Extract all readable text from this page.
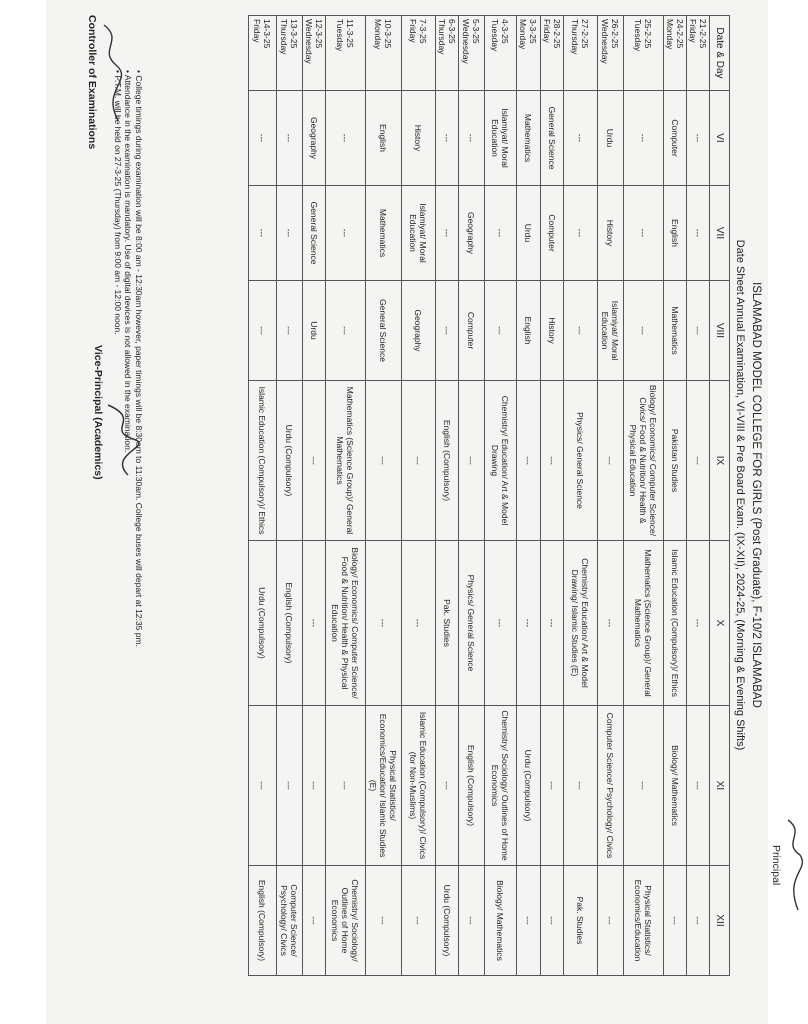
ISLAMABAD MODEL COLLEGE FOR GIRLS (Post Graduate), F-10/2 ISLAMABAD
Date Sheet Annual Examination, VI-VIII & Pre Board Exam. (IX-XII), 2024-25, (Morning & Evening Shifts)
Date & Day	VI	VII	VIII	IX	X	XI	XII

21-2-25
Friday	---	---	---	---	---	---	---

24-2-25
Monday	Computer	English	Mathematics	Pakistan Studies	Islamic Education (Compulsory)/ Ethics	Biology/ Mathematics	---

25-2-25
Tuesday	---	---	---	Biology/ Economics/ Computer Science/ Civics/ Food & Nutrition/ Health & Physical Education	Mathematics (Science Group)/ General Mathematics	---	Physical Statistics/ Economics/Education

26-2-25
Wednesday	Urdu	History	Islamiyat/ Moral Education	---	---	Computer Science/ Psychology/ Civics	---

27-2-25
Thursday	---	---	---	Physics/ General Science	Chemistry/ Education/ Art & Model Drawing/ Islamic Studies (E)	---	Pak. Studies

28-2-25
Friday	General Science	Computer	History	---	---	---	---

3-3-25
Monday	Mathematics	Urdu	English	---	---	Urdu (Compulsory)	---

4-3-25
Tuesday	Islamiyat/ Moral Education	---	---	Chemistry/ Education/ Art & Model Drawing	---	Chemistry/ Sociology/ Outlines of Home Economics	Biology/ Mathematics

5-3-25
Wednesday	---	Geography	Computer	---	Physics/ General Science	English (Compulsory)	---

6-3-25
Thursday	---	---	---	English (Compulsory)	Pak. Studies	---	Urdu (Compulsory)

7-3-25
Friday	History	Islamiyat/ Moral Education	Geography	---	---	Islamic Education (Compulsory)/ Civics (for Non-Muslims)	---

10-3-25
Monday	English	Mathematics	General Science	---	---	Physical Statistics/ Economics/Education/ Islamic Studies (E)	---

11-3-25
Tuesday	---	---	---	Mathematics (Science Group)/ General Mathematics	Biology/ Economics/ Computer Science/ Food & Nutrition/ Health & Physical Education	---	Chemistry/ Sociology/ Outlines of Home Economics

12-3-25
Wednesday	Geography	General Science	Urdu	---	---	---	---

13-3-25
Thursday	---	---	---	Urdu (Compulsory)	English (Compulsory)	---	Computer Science/ Psychology/ Civics

14-3-25
Friday	---	---	---	Islamic Education (Compulsory)/ Ethics	Urdu (Compulsory)	---	English (Compulsory)
• College timings during examination will be 8:00 am - 12:30am however, paper timings will be 8:30am to 11:30am. College buses will depart at 12:35 pm.
• Attendance in the examination is mandatory. Use of digital devices is not allowed in the examination.
• P.T.M. will be held on 27-3-25 (Thursday) from 9:00 am - 12:00 noon.
Controller of Examinations
Vice-Principal (Academics)
Principal
